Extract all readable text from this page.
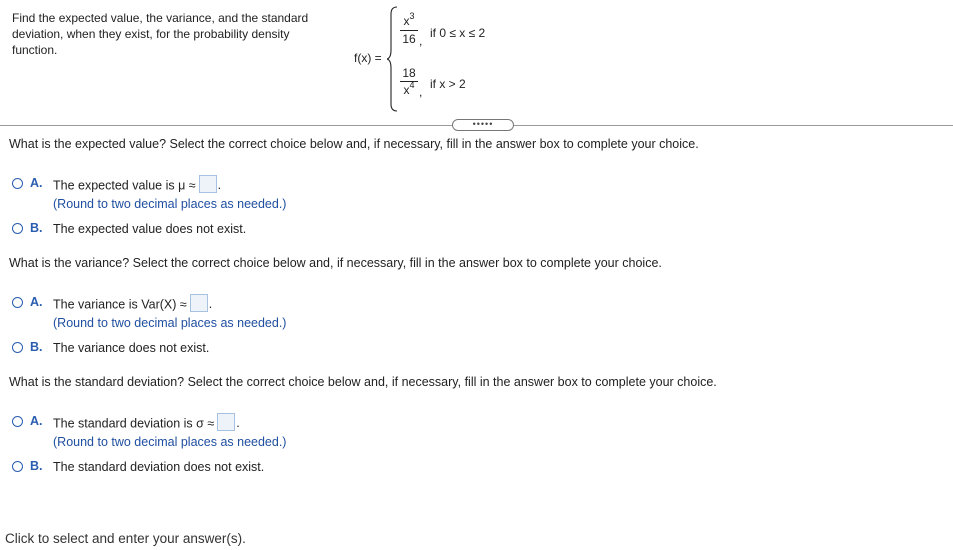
Find the expected value, the variance, and the standard deviation, when they exist, for the probability density function.
f(x) =
$x^3$
16 ,
if 0 ≤ x ≤ 2
18
$x^4$ ,
if x > 2
•••••
What is the expected value? Select the correct choice below and, if necessary, fill in the answer box to complete your choice.
A. The expected value is μ ≈ .
(Round to two decimal places as needed.)
B. The expected value does not exist.
What is the variance? Select the correct choice below and, if necessary, fill in the answer box to complete your choice.
A. The variance is Var(X) ≈ .
(Round to two decimal places as needed.)
B. The variance does not exist.
What is the standard deviation? Select the correct choice below and, if necessary, fill in the answer box to complete your choice.
A. The standard deviation is σ ≈ .
(Round to two decimal places as needed.)
B. The standard deviation does not exist.
Click to select and enter your answer(s).
